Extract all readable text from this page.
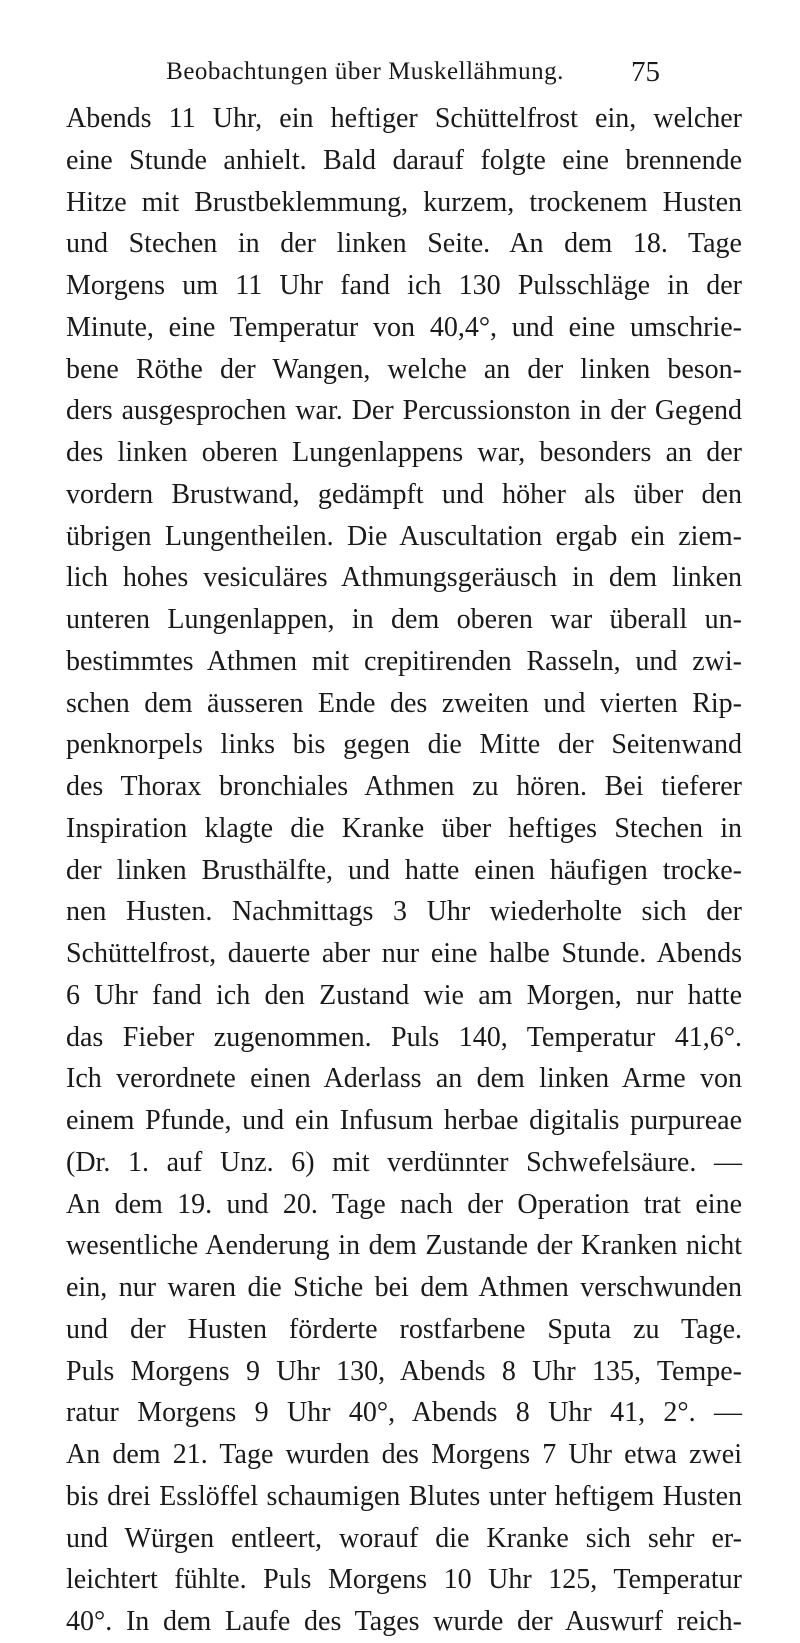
Beobachtungen über Muskellähmung.	75
Abends 11 Uhr, ein heftiger Schüttelfrost ein, welcher
eine Stunde anhielt. Bald darauf folgte eine brennende
Hitze mit Brustbeklemmung, kurzem, trockenem Husten
und Stechen in der linken Seite. An dem 18. Tage
Morgens um 11 Uhr fand ich 130 Pulsschläge in der
Minute, eine Temperatur von 40,4°, und eine umschrie-
bene Röthe der Wangen, welche an der linken beson-
ders ausgesprochen war. Der Percussionston in der Gegend
des linken oberen Lungenlappens war, besonders an der
vordern Brustwand, gedämpft und höher als über den
übrigen Lungentheilen. Die Auscultation ergab ein ziem-
lich hohes vesiculäres Athmungsgeräusch in dem linken
unteren Lungenlappen, in dem oberen war überall un-
bestimmtes Athmen mit crepitirenden Rasseln, und zwi-
schen dem äusseren Ende des zweiten und vierten Rip-
penknorpels links bis gegen die Mitte der Seitenwand
des Thorax bronchiales Athmen zu hören. Bei tieferer
Inspiration klagte die Kranke über heftiges Stechen in
der linken Brusthälfte, und hatte einen häufigen trocke-
nen Husten. Nachmittags 3 Uhr wiederholte sich der
Schüttelfrost, dauerte aber nur eine halbe Stunde. Abends
6 Uhr fand ich den Zustand wie am Morgen, nur hatte
das Fieber zugenommen. Puls 140, Temperatur 41,6°.
Ich verordnete einen Aderlass an dem linken Arme von
einem Pfunde, und ein Infusum herbae digitalis purpureae
(Dr. 1. auf Unz. 6) mit verdünnter Schwefelsäure. —
An dem 19. und 20. Tage nach der Operation trat eine
wesentliche Aenderung in dem Zustande der Kranken nicht
ein, nur waren die Stiche bei dem Athmen verschwunden
und der Husten förderte rostfarbene Sputa zu Tage.
Puls Morgens 9 Uhr 130, Abends 8 Uhr 135, Tempe-
ratur Morgens 9 Uhr 40°, Abends 8 Uhr 41, 2°. —
An dem 21. Tage wurden des Morgens 7 Uhr etwa zwei
bis drei Esslöffel schaumigen Blutes unter heftigem Husten
und Würgen entleert, worauf die Kranke sich sehr er-
leichtert fühlte. Puls Morgens 10 Uhr 125, Temperatur
40°. In dem Laufe des Tages wurde der Auswurf reich-
